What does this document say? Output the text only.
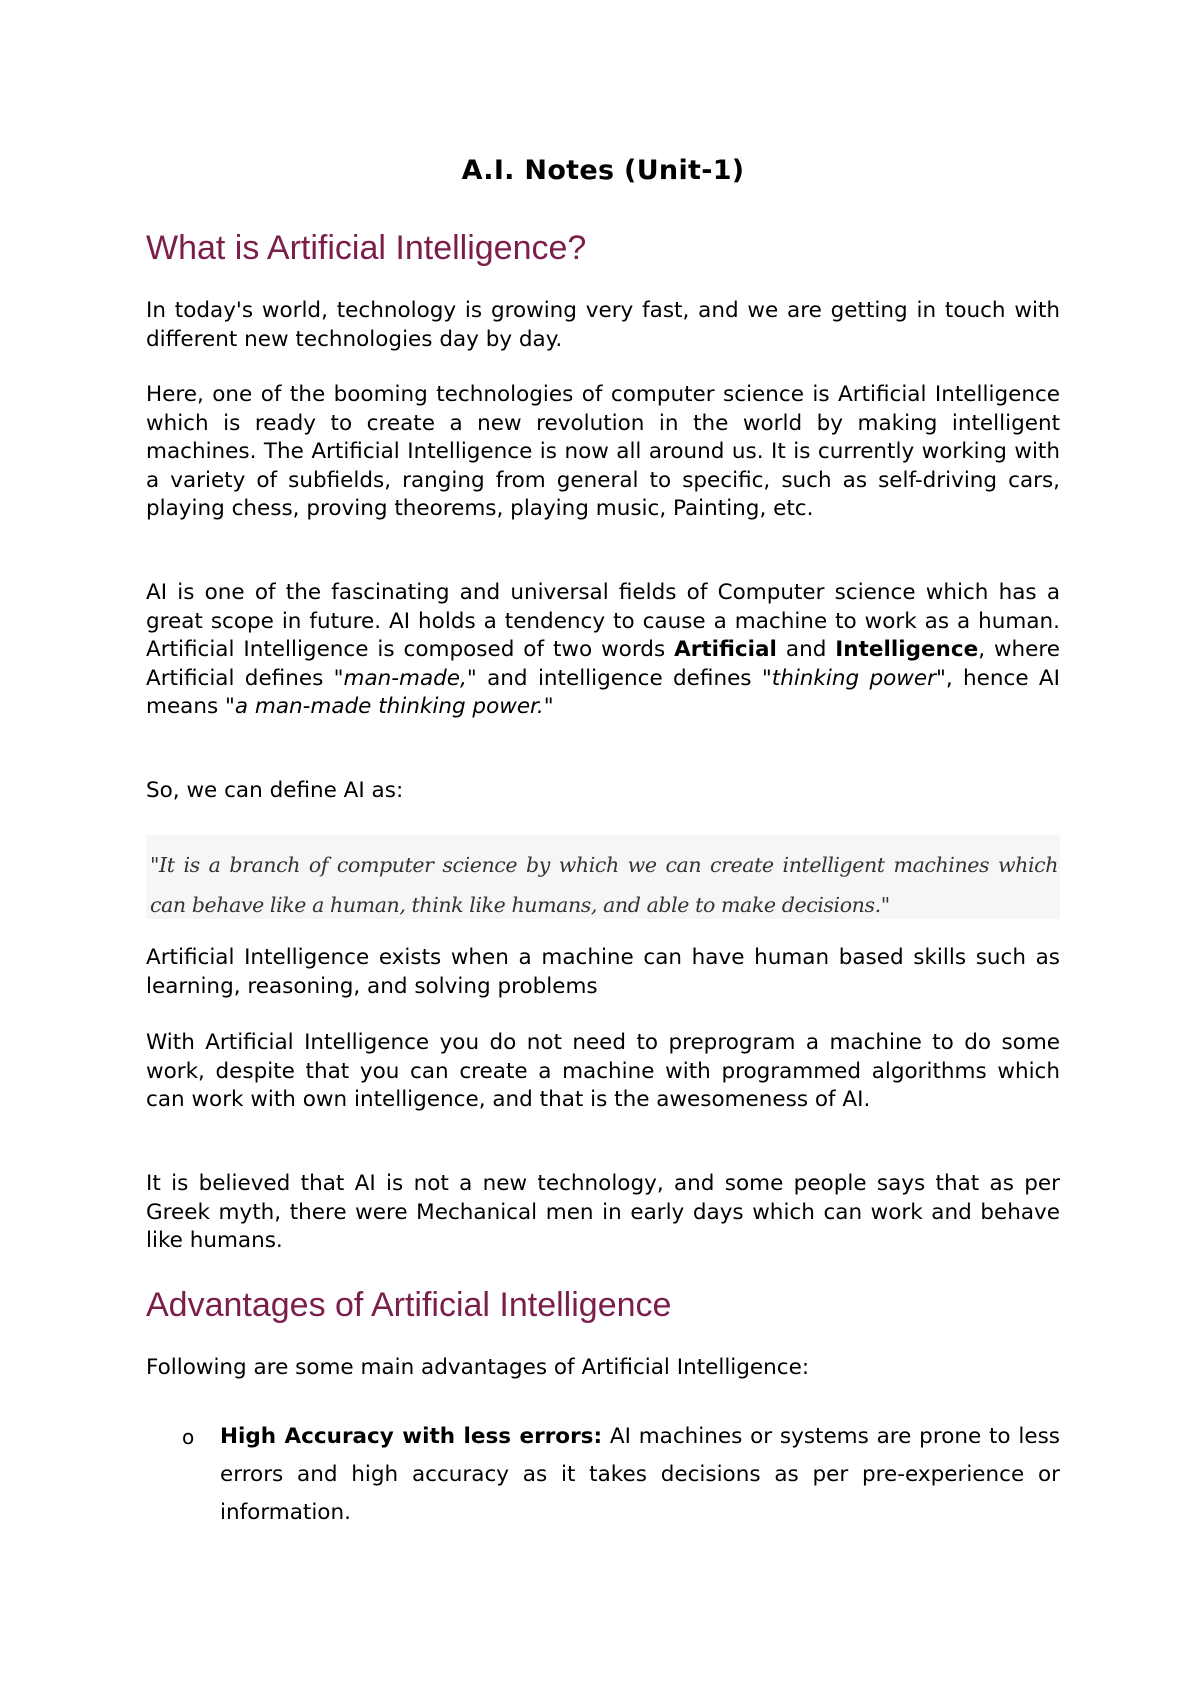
A.I. Notes (Unit-1)
What is Artificial Intelligence?

In today's world, technology is growing very fast, and we are getting in touch with different new technologies day by day.

Here, one of the booming technologies of computer science is Artificial Intelligence which is ready to create a new revolution in the world by making intelligent machines. The Artificial Intelligence is now all around us. It is currently working with a variety of subfields, ranging from general to specific, such as self-driving cars, playing chess, proving theorems, playing music, Painting, etc.

AI is one of the fascinating and universal fields of Computer science which has a great scope in future. AI holds a tendency to cause a machine to work as a human. Artificial Intelligence is composed of two words Artificial and Intelligence, where Artificial defines "man-made," and intelligence defines "thinking power", hence AI means "a man-made thinking power."

So, we can define AI as:

"It is a branch of computer science by which we can create intelligent machines which can behave like a human, think like humans, and able to make decisions."

Artificial Intelligence exists when a machine can have human based skills such as learning, reasoning, and solving problems

With Artificial Intelligence you do not need to preprogram a machine to do some work, despite that you can create a machine with programmed algorithms which can work with own intelligence, and that is the awesomeness of AI.

It is believed that AI is not a new technology, and some people says that as per Greek myth, there were Mechanical men in early days which can work and behave like humans.

Advantages of Artificial Intelligence

Following are some main advantages of Artificial Intelligence:

o High Accuracy with less errors: AI machines or systems are prone to less errors and high accuracy as it takes decisions as per pre-experience or information.
